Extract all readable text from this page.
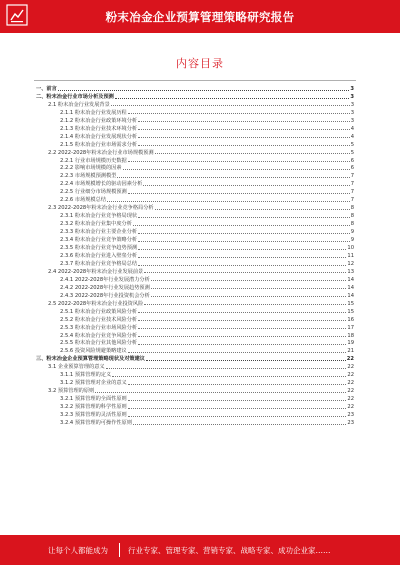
粉末冶金企业预算管理策略研究报告
内容目录
一、前言	3
二、粉末冶金行业市场分析及预测	3
2.1 粉末冶金行业发展背景	3
2.1.1 粉末冶金行业发展历程	3
2.1.2 粉末冶金行业政策环境分析	3
2.1.3 粉末冶金行业技术环境分析	4
2.1.4 粉末冶金行业发展现状分析	4
2.1.5 粉末冶金行业市场需求分析	5
2.2 2022-2028年粉末冶金行业市场规模预测	5
2.2.1 行业市场规模历史数据	6
2.2.2 影响市场规模的因素	6
2.2.3 市场规模预测模型	7
2.2.4 市场规模增长的驱动因素分析	7
2.2.5 行业细分市场规模预测	7
2.2.6 市场规模总结	7
2.3 2022-2028年粉末冶金行业竞争格局分析	8
2.3.1 粉末冶金行业竞争格局现状	8
2.3.2 粉末冶金行业集中度分析	8
2.3.3 粉末冶金行业主要企业分析	9
2.3.4 粉末冶金行业竞争策略分析	9
2.3.5 粉末冶金行业竞争趋势预测	10
2.3.6 粉末冶金行业进入壁垒分析	11
2.3.7 粉末冶金行业竞争格局总结	12
2.4 2022-2028年粉末冶金行业发展前景	13
2.4.1 2022-2028年行业发展潜力分析	14
2.4.2 2022-2028年行业发展趋势预测	14
2.4.3 2022-2028年行业投资机会分析	14
2.5 2022-2028年粉末冶金行业投资风险	15
2.5.1 粉末冶金行业政策风险分析	15
2.5.2 粉末冶金行业技术风险分析	16
2.5.3 粉末冶金行业市场风险分析	17
2.5.4 粉末冶金行业竞争风险分析	18
2.5.5 粉末冶金行业其他风险分析	19
2.5.6 投资风险规避策略建议	21
三、粉末冶金企业预算管理策略现状及对策建议	22
3.1 企业预算管理的意义	22
3.1.1 预算管理的定义	22
3.1.2 预算管理对企业的意义	22
3.2 预算管理的原则	22
3.2.1 预算管理的全面性原则	22
3.2.2 预算管理的科学性原则	22
3.2.3 预算管理的灵活性原则	23
3.2.4 预算管理的可操作性原则	23
让每个人都能成为	行业专家、管理专家、营销专家、战略专家、成功企业家……
